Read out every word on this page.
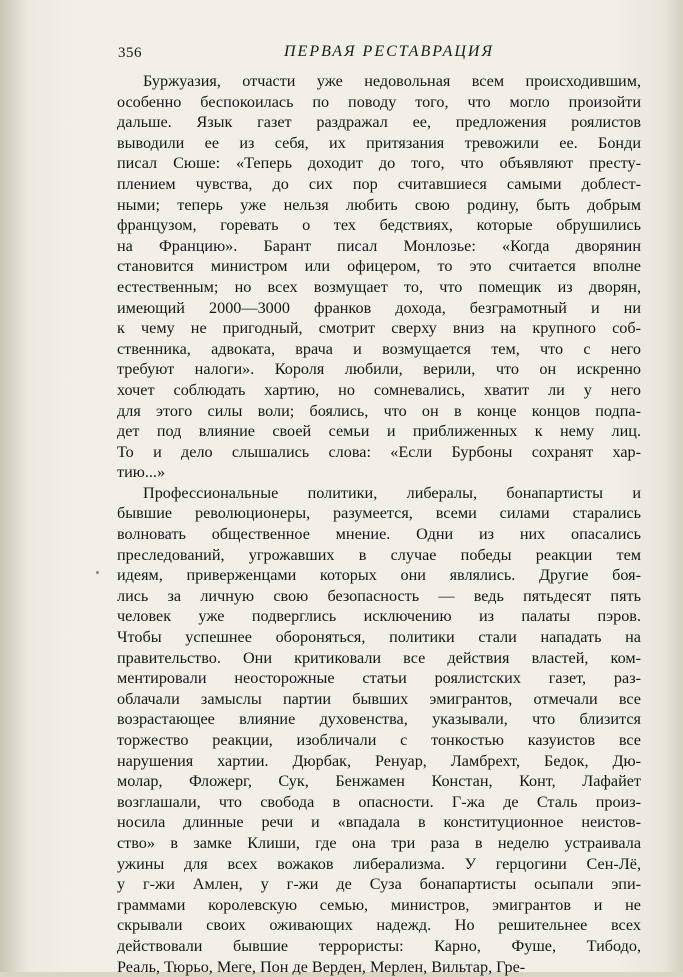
356	ПЕРВАЯ РЕСТАВРАЦИЯ
Буржуазия, отчасти уже недовольная всем происходившим,
особенно беспокоилась по поводу того, что могло произойти
дальше. Язык газет раздражал ее, предложения роялистов
выводили ее из себя, их притязания тревожили ее. Бонди
писал Сюше: «Теперь доходит до того, что объявляют престу-
плением чувства, до сих пор считавшиеся самыми доблест-
ными; теперь уже нельзя любить свою родину, быть добрым
французом, горевать о тех бедствиях, которые обрушились
на Францию». Барант писал Монлозье: «Когда дворянин
становится министром или офицером, то это считается вполне
естественным; но всех возмущает то, что помещик из дворян,
имеющий 2000—3000 франков дохода, безграмотный и ни
к чему не пригодный, смотрит сверху вниз на крупного соб-
ственника, адвоката, врача и возмущается тем, что с него
требуют налоги». Короля любили, верили, что он искренно
хочет соблюдать хартию, но сомневались, хватит ли у него
для этого силы воли; боялись, что он в конце концов подпа-
дет под влияние своей семьи и приближенных к нему лиц.
То и дело слышались слова: «Если Бурбоны сохранят хар-
тию...»
Профессиональные политики, либералы, бонапартисты и
бывшие революционеры, разумеется, всеми силами старались
волновать общественное мнение. Одни из них опасались
преследований, угрожавших в случае победы реакции тем
идеям, приверженцами которых они являлись. Другие боя-
лись за личную свою безопасность — ведь пятьдесят пять
человек уже подверглись исключению из палаты пэров.
Чтобы успешнее обороняться, политики стали нападать на
правительство. Они критиковали все действия властей, ком-
ментировали неосторожные статьи роялистских газет, раз-
облачали замыслы партии бывших эмигрантов, отмечали все
возрастающее влияние духовенства, указывали, что близится
торжество реакции, изобличали с тонкостью казуистов все
нарушения хартии. Дюрбак, Ренуар, Ламбрехт, Бедок, Дю-
молар, Фложерг, Сук, Бенжамен Констан, Конт, Лафайет
возглашали, что свобода в опасности. Г-жа де Сталь произ-
носила длинные речи и «впадала в конституционное неистов-
ство» в замке Клиши, где она три раза в неделю устраивала
ужины для всех вожаков либерализма. У герцогини Сен-Лё,
у г-жи Амлен, у г-жи де Суза бонапартисты осыпали эпи-
граммами королевскую семью, министров, эмигрантов и не
скрывали своих оживающих надежд. Но решительнее всех
действовали бывшие террористы: Карно, Фуше, Тибодо,
Реаль, Тюрьо, Меге, Пон де Верден, Мерлен, Вильтар, Гре-
